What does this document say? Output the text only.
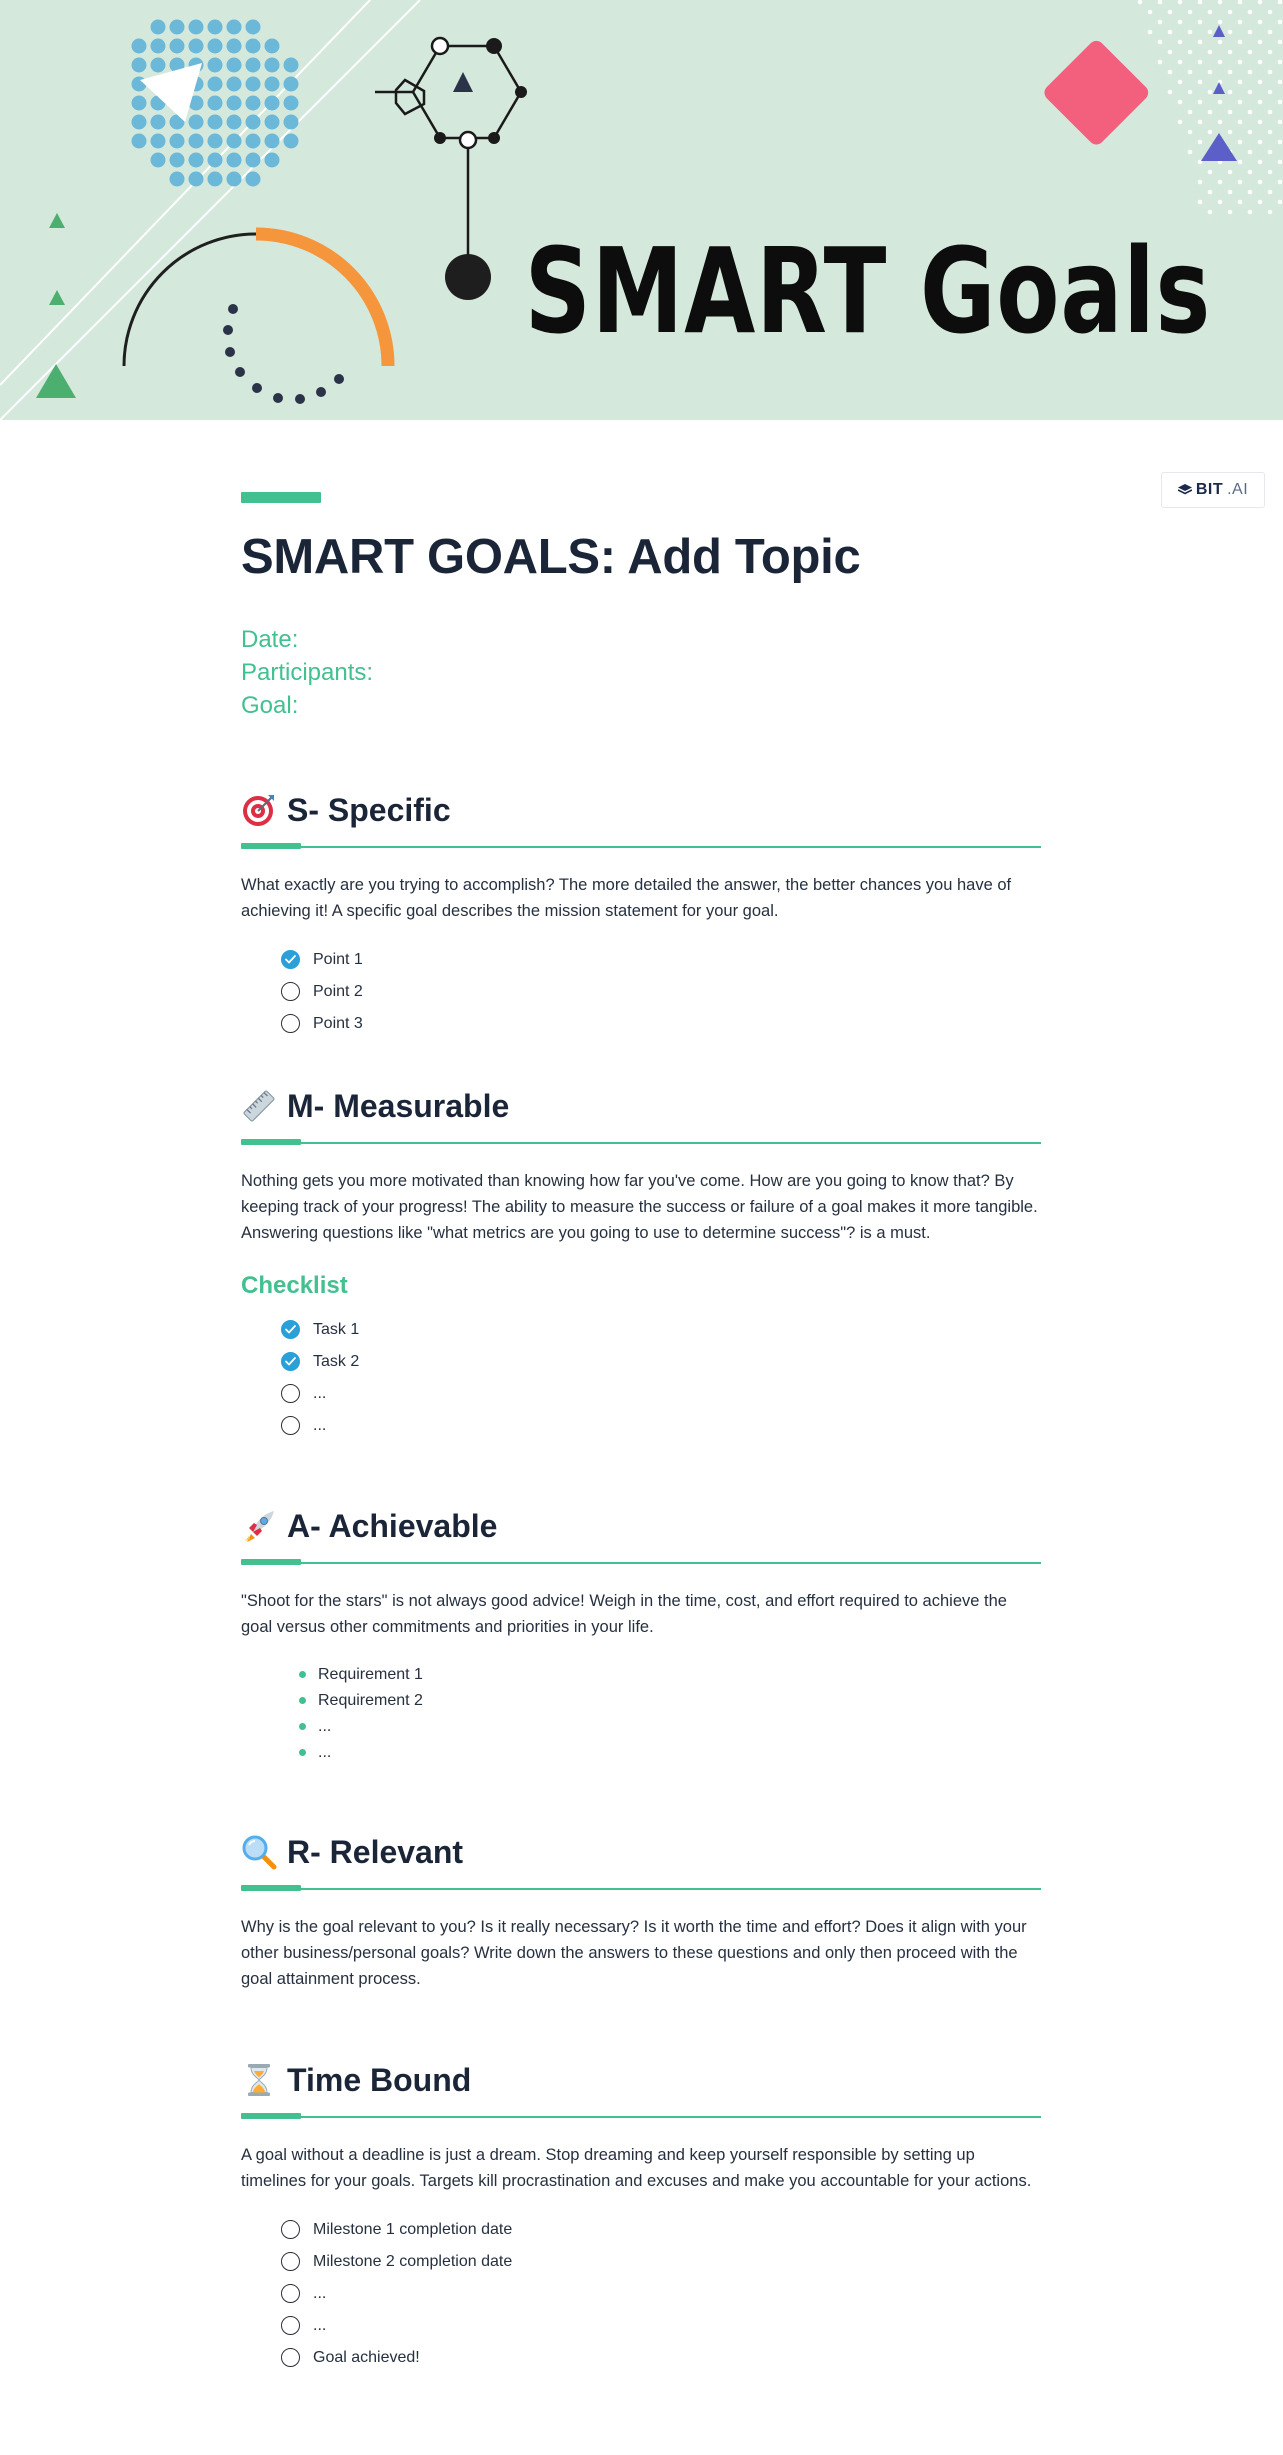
SMART Goals
BIT .AI
SMART GOALS: Add Topic
Date:
Participants:
Goal:
S- Specific

What exactly are you trying to accomplish? The more detailed the answer, the better chances you have of achieving it! A specific goal describes the mission statement for your goal.

Point 1
Point 2
Point 3
M- Measurable

Nothing gets you more motivated than knowing how far you've come. How are you going to know that? By keeping track of your progress! The ability to measure the success or failure of a goal makes it more tangible. Answering questions like "what metrics are you going to use to determine success"? is a must.

Checklist
Task 1
Task 2
...
...
A- Achievable

"Shoot for the stars" is not always good advice! Weigh in the time, cost, and effort required to achieve the goal versus other commitments and priorities in your life.

Requirement 1
Requirement 2
...
...
R- Relevant

Why is the goal relevant to you? Is it really necessary? Is it worth the time and effort? Does it align with your other business/personal goals? Write down the answers to these questions and only then proceed with the goal attainment process.

Time Bound

A goal without a deadline is just a dream. Stop dreaming and keep yourself responsible by setting up timelines for your goals. Targets kill procrastination and excuses and make you accountable for your actions.

Milestone 1 completion date
Milestone 2 completion date
...
...
Goal achieved!
